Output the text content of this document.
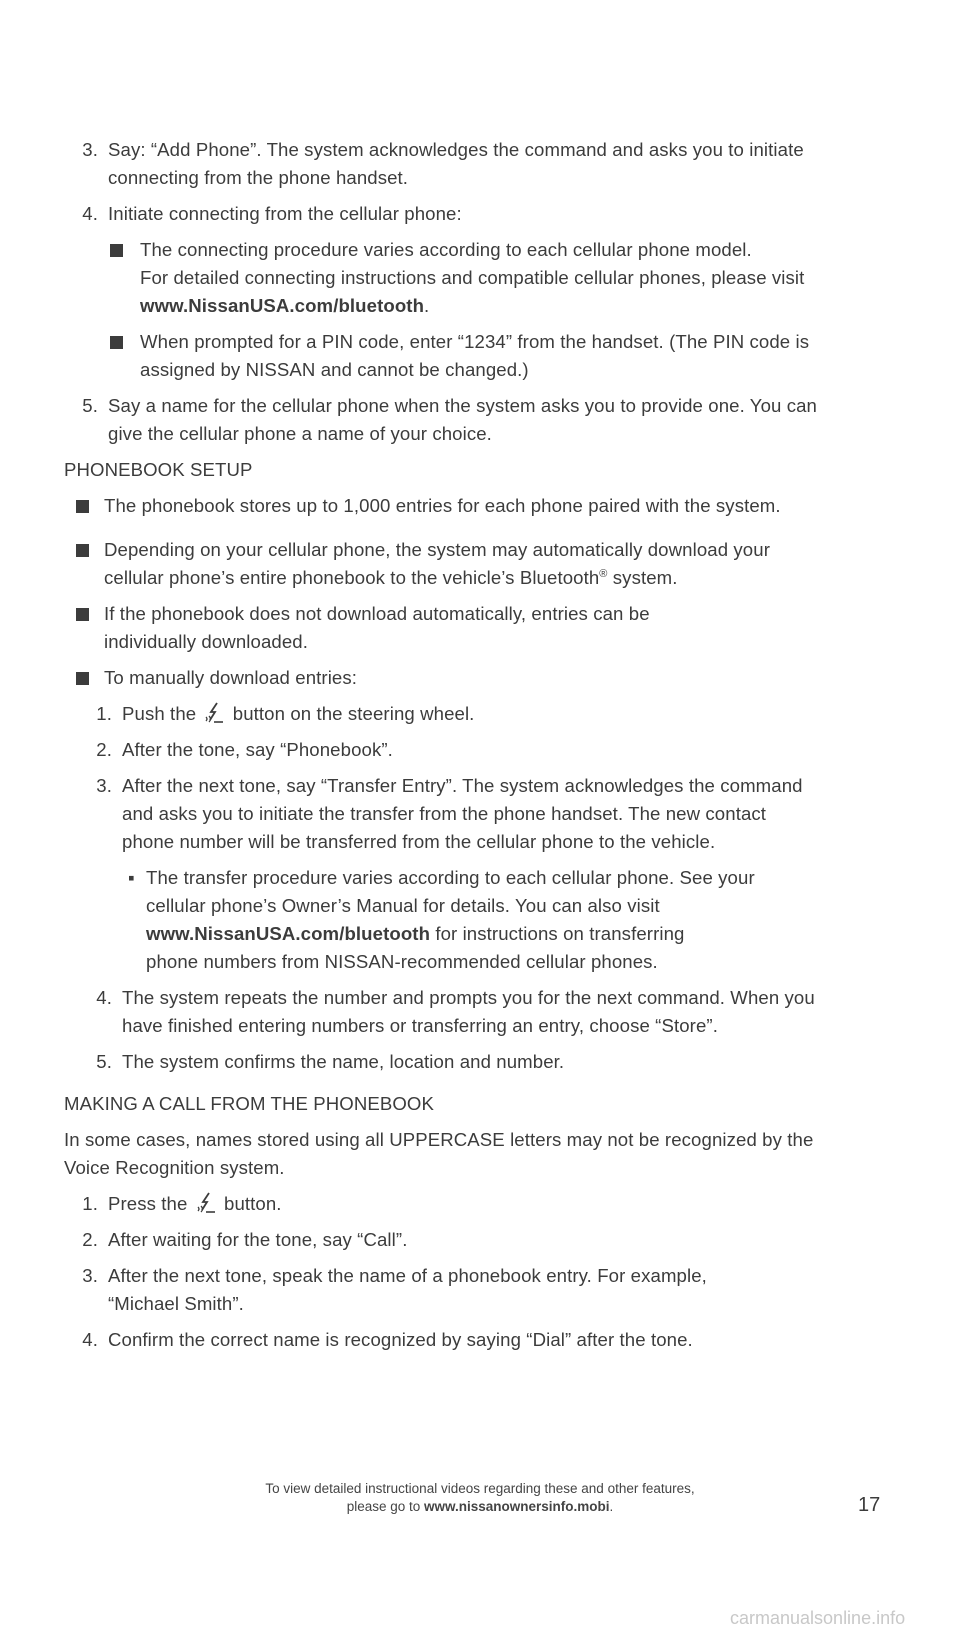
3. Say: “Add Phone”. The system acknowledges the command and asks you to initiate
connecting from the phone handset.
4. Initiate connecting from the cellular phone:
The connecting procedure varies according to each cellular phone model.
For detailed connecting instructions and compatible cellular phones, please visit
www.NissanUSA.com/bluetooth.
When prompted for a PIN code, enter “1234” from the handset. (The PIN code is
assigned by NISSAN and cannot be changed.)
5. Say a name for the cellular phone when the system asks you to provide one. You can
give the cellular phone a name of your choice.
PHONEBOOK SETUP
The phonebook stores up to 1,000 entries for each phone paired with the system.
Depending on your cellular phone, the system may automatically download your
cellular phone’s entire phonebook to the vehicle’s Bluetooth® system.
If the phonebook does not download automatically, entries can be
individually downloaded.
To manually download entries:
1. Push the button on the steering wheel.
2. After the tone, say “Phonebook”.
3. After the next tone, say “Transfer Entry”. The system acknowledges the command
and asks you to initiate the transfer from the phone handset. The new contact
phone number will be transferred from the cellular phone to the vehicle.
▪ The transfer procedure varies according to each cellular phone. See your
cellular phone’s Owner’s Manual for details. You can also visit
www.NissanUSA.com/bluetooth for instructions on transferring
phone numbers from NISSAN-recommended cellular phones.
4. The system repeats the number and prompts you for the next command. When you
have finished entering numbers or transferring an entry, choose “Store”.
5. The system confirms the name, location and number.
MAKING A CALL FROM THE PHONEBOOK
In some cases, names stored using all UPPERCASE letters may not be recognized by the
Voice Recognition system.
1. Press the button.
2. After waiting for the tone, say “Call”.
3. After the next tone, speak the name of a phonebook entry. For example,
“Michael Smith”.
4. Confirm the correct name is recognized by saying “Dial” after the tone.
To view detailed instructional videos regarding these and other features,
please go to www.nissanownersinfo.mobi.	17
carmanualsonline.info
